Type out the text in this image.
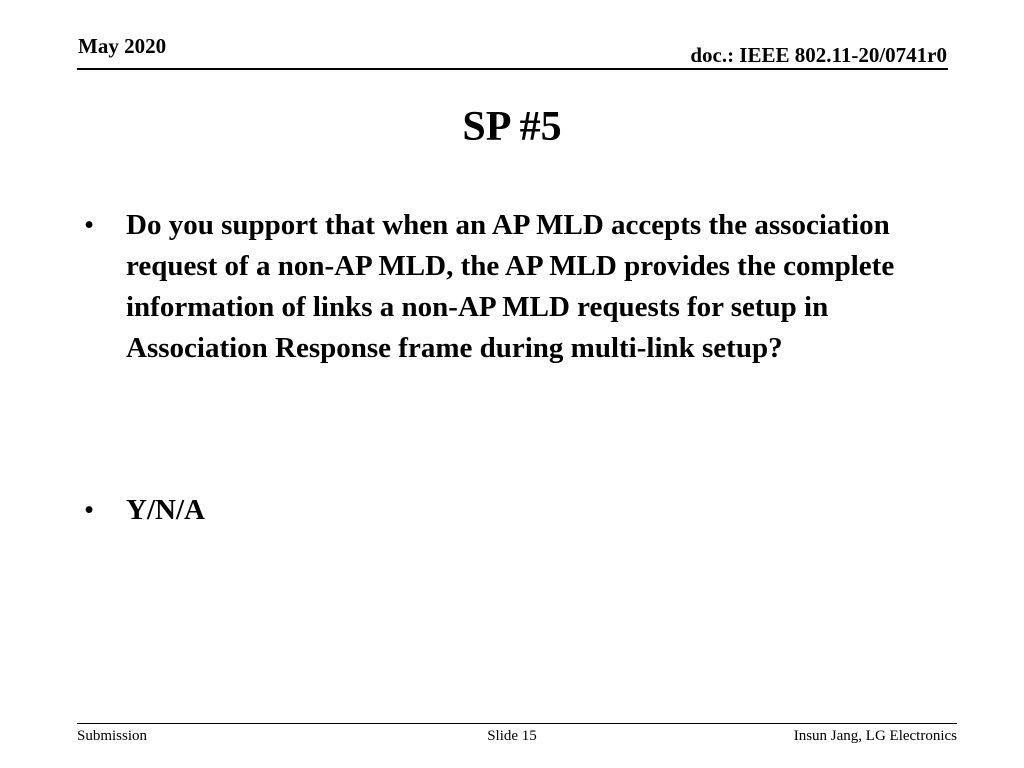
May 2020	doc.: IEEE 802.11-20/0741r0
SP #5
• Do you support that when an AP MLD accepts the association request of a non-AP MLD, the AP MLD provides the complete information of links a non-AP MLD requests for setup in Association Response frame during multi-link setup?
• Y/N/A
Submission	Slide 15	Insun Jang, LG Electronics
